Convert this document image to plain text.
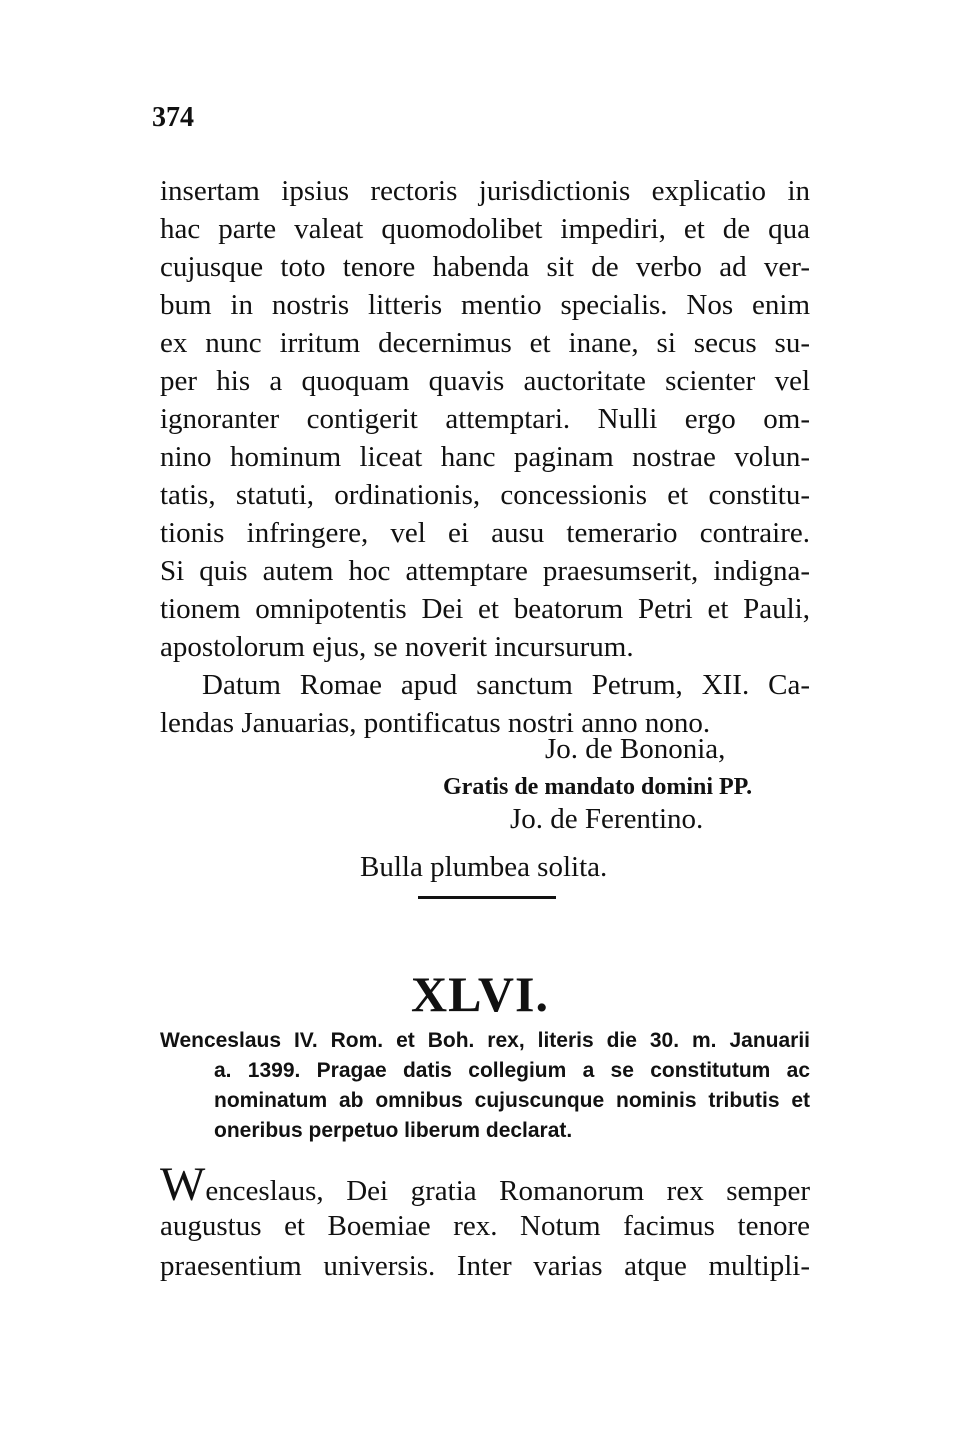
374
insertam ipsius rectoris jurisdictionis explicatio in
hac parte valeat quomodolibet impediri, et de qua
cujusque toto tenore habenda sit de verbo ad ver-
bum in nostris litteris mentio specialis. Nos enim
ex nunc irritum decernimus et inane, si secus su-
per his a quoquam quavis auctoritate scienter vel
ignoranter contigerit attemptari. Nulli ergo om-
nino hominum liceat hanc paginam nostrae volun-
tatis, statuti, ordinationis, concessionis et constitu-
tionis infringere, vel ei ausu temerario contraire.
Si quis autem hoc attemptare praesumserit, indigna-
tionem omnipotentis Dei et beatorum Petri et Pauli,
apostolorum ejus, se noverit incursurum.
Datum Romae apud sanctum Petrum, XII. Ca-
lendas Januarias, pontificatus nostri anno nono.
Jo. de Bononia,
Gratis de mandato domini PP.
Jo. de Ferentino.
Bulla plumbea solita.
XLVI.
Wenceslaus IV. Rom. et Boh. rex, literis die 30. m. Januarii
a. 1399. Pragae datis collegium a se constitutum ac
nominatum ab omnibus cujuscunque nominis tributis et
oneribus perpetuo liberum declarat.
Wenceslaus, Dei gratia Romanorum rex semper
augustus et Boemiae rex. Notum facimus tenore
praesentium universis. Inter varias atque multipli-
